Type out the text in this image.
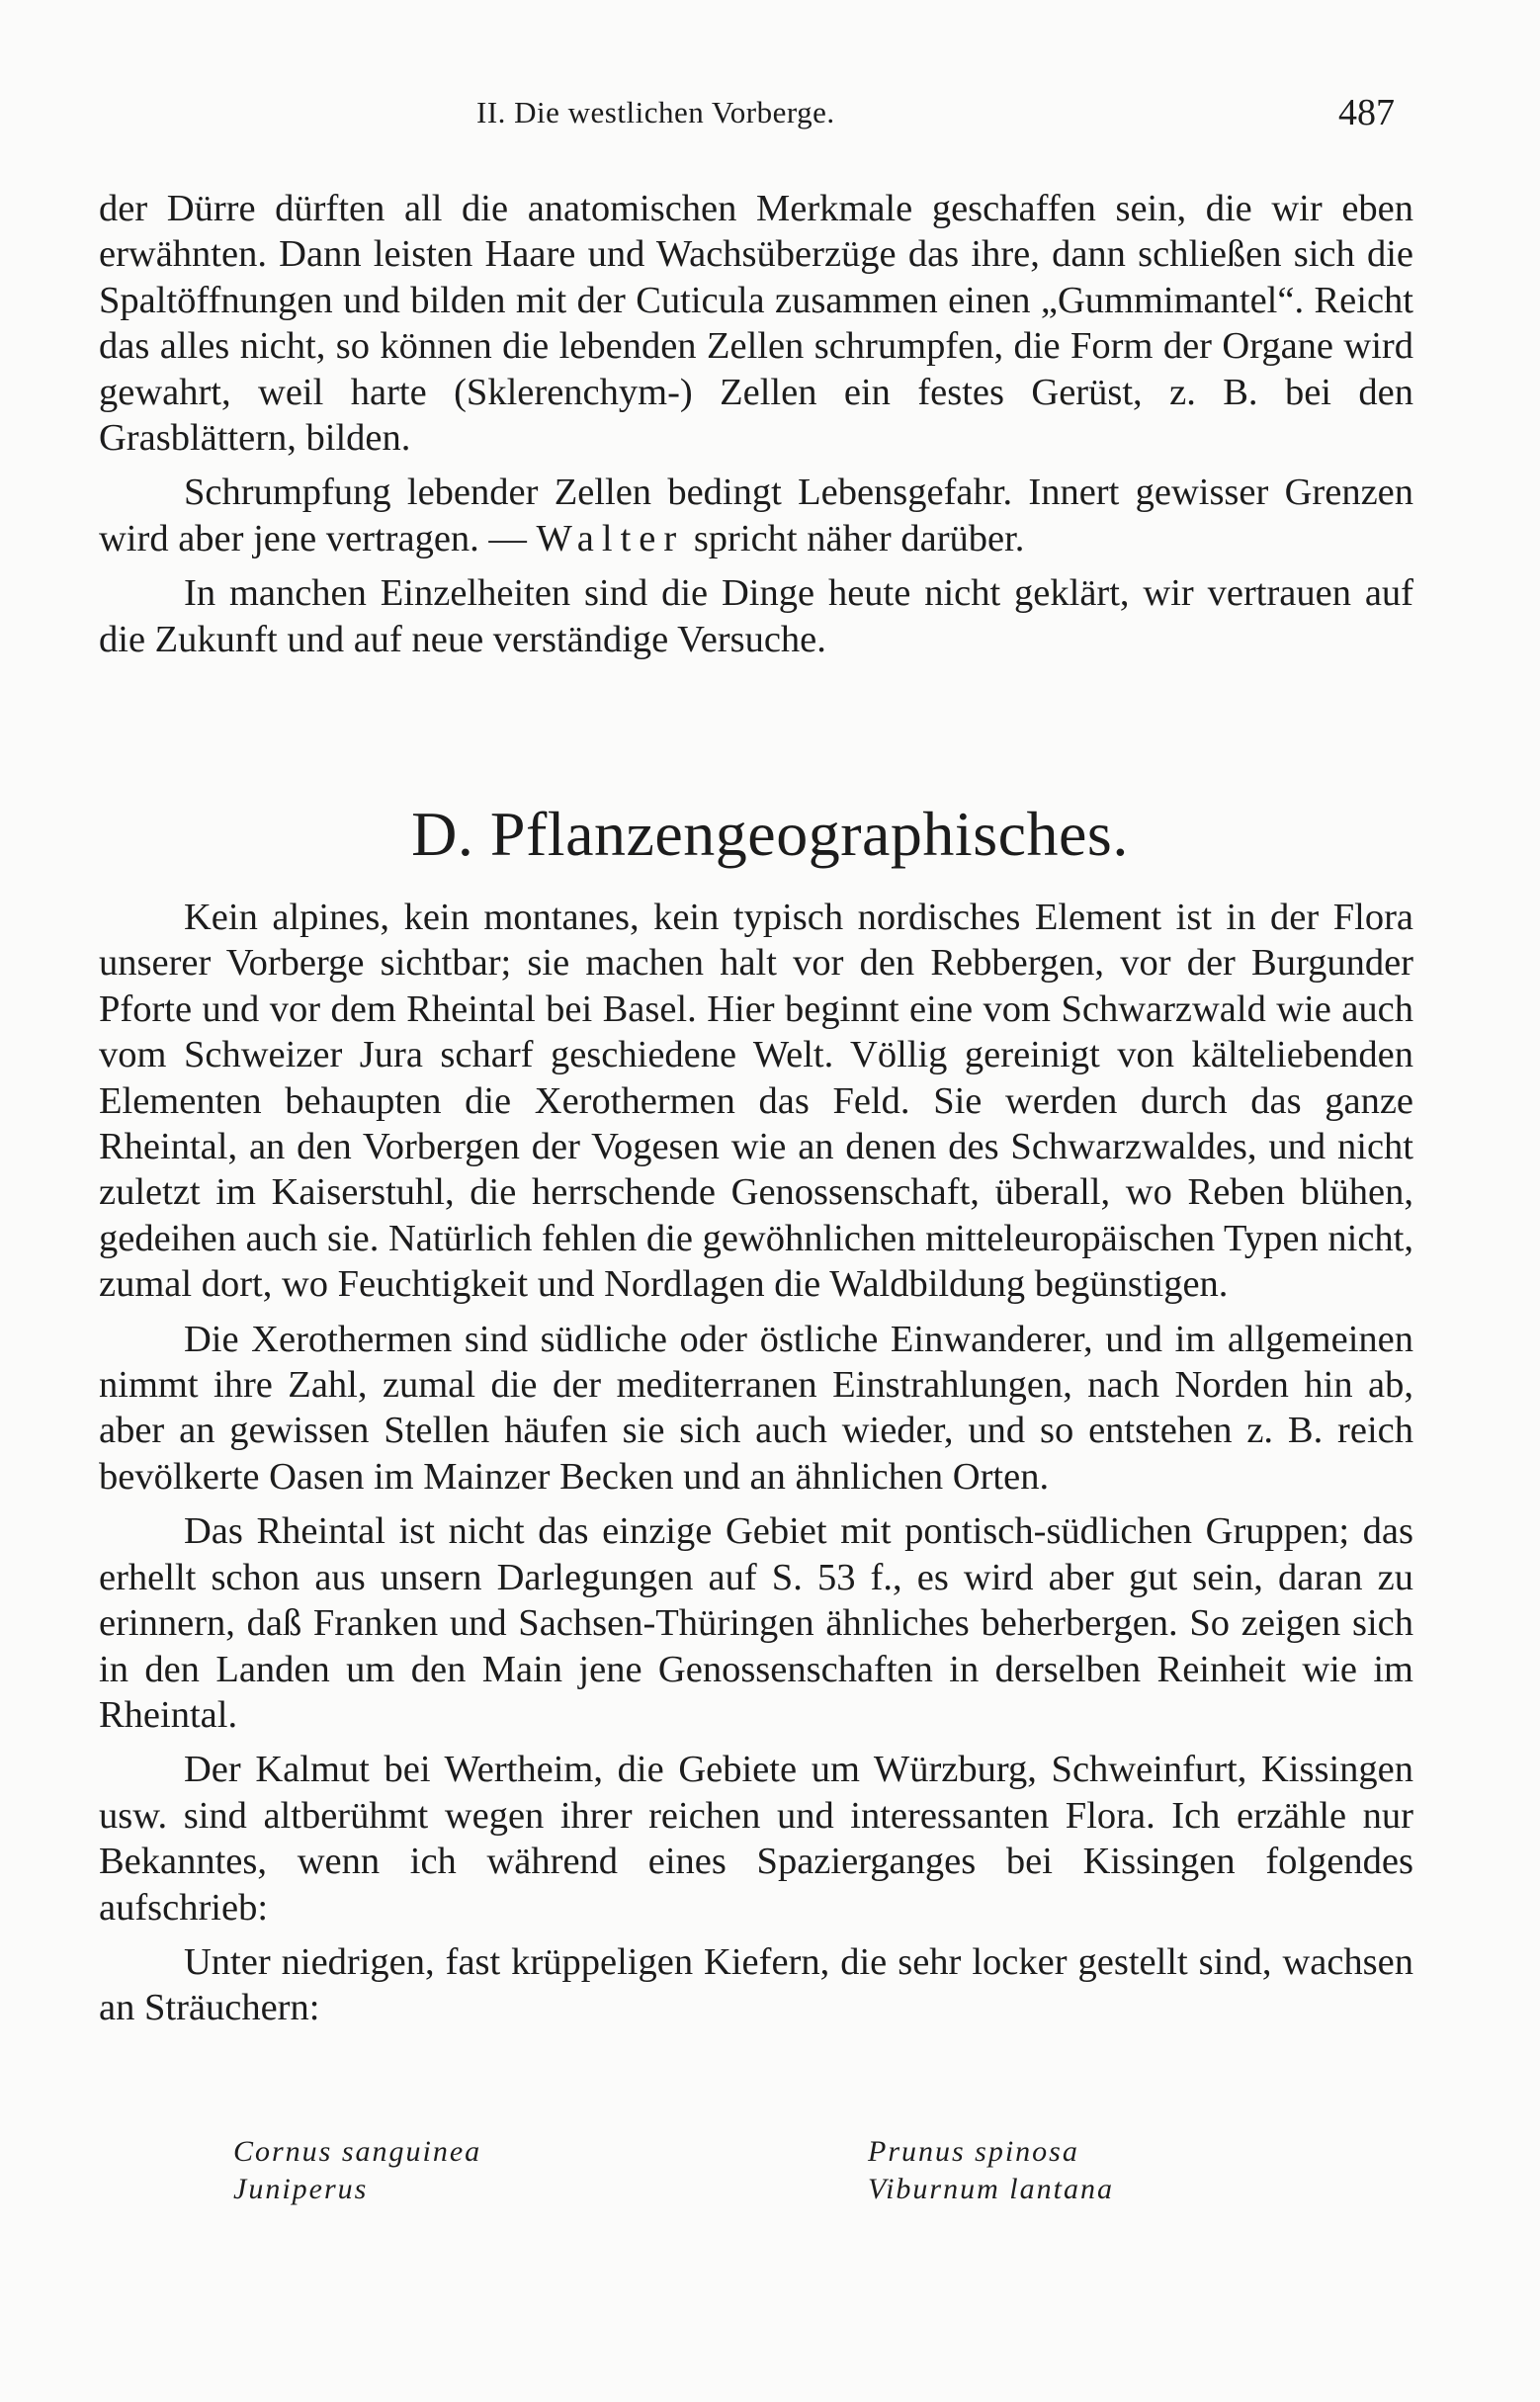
II. Die westlichen Vorberge.	487

der Dürre dürften all die anatomischen Merkmale geschaffen sein, die wir eben erwähnten. Dann leisten Haare und Wachsüberzüge das ihre, dann schließen sich die Spaltöffnungen und bilden mit der Cuticula zusammen einen „Gummimantel“. Reicht das alles nicht, so können die lebenden Zellen schrumpfen, die Form der Organe wird gewahrt, weil harte (Sklerenchym-) Zellen ein festes Gerüst, z. B. bei den Grasblättern, bilden.

Schrumpfung lebender Zellen bedingt Lebensgefahr. Innert gewisser Grenzen wird aber jene vertragen. — Walter spricht näher darüber.

In manchen Einzelheiten sind die Dinge heute nicht geklärt, wir vertrauen auf die Zukunft und auf neue verständige Versuche.

D. Pflanzengeographisches.

Kein alpines, kein montanes, kein typisch nordisches Element ist in der Flora unserer Vorberge sichtbar; sie machen halt vor den Rebbergen, vor der Burgunder Pforte und vor dem Rheintal bei Basel. Hier beginnt eine vom Schwarzwald wie auch vom Schweizer Jura scharf geschiedene Welt. Völlig gereinigt von kälteliebenden Elementen behaupten die Xerothermen das Feld. Sie werden durch das ganze Rheintal, an den Vorbergen der Vogesen wie an denen des Schwarzwaldes, und nicht zuletzt im Kaiserstuhl, die herrschende Genossenschaft, überall, wo Reben blühen, gedeihen auch sie. Natürlich fehlen die gewöhnlichen mitteleuropäischen Typen nicht, zumal dort, wo Feuchtigkeit und Nordlagen die Waldbildung begünstigen.

Die Xerothermen sind südliche oder östliche Einwanderer, und im allgemeinen nimmt ihre Zahl, zumal die der mediterranen Einstrahlungen, nach Norden hin ab, aber an gewissen Stellen häufen sie sich auch wieder, und so entstehen z. B. reich bevölkerte Oasen im Mainzer Becken und an ähnlichen Orten.

Das Rheintal ist nicht das einzige Gebiet mit pontisch-südlichen Gruppen; das erhellt schon aus unsern Darlegungen auf S. 53 f., es wird aber gut sein, daran zu erinnern, daß Franken und Sachsen-Thüringen ähnliches beherbergen. So zeigen sich in den Landen um den Main jene Genossenschaften in derselben Reinheit wie im Rheintal.

Der Kalmut bei Wertheim, die Gebiete um Würzburg, Schweinfurt, Kissingen usw. sind altberühmt wegen ihrer reichen und interessanten Flora. Ich erzähle nur Bekanntes, wenn ich während eines Spazierganges bei Kissingen folgendes aufschrieb:

Unter niedrigen, fast krüppeligen Kiefern, die sehr locker gestellt sind, wachsen an Sträuchern:

Cornus sanguinea
Juniperus
Prunus spinosa
Viburnum lantana
